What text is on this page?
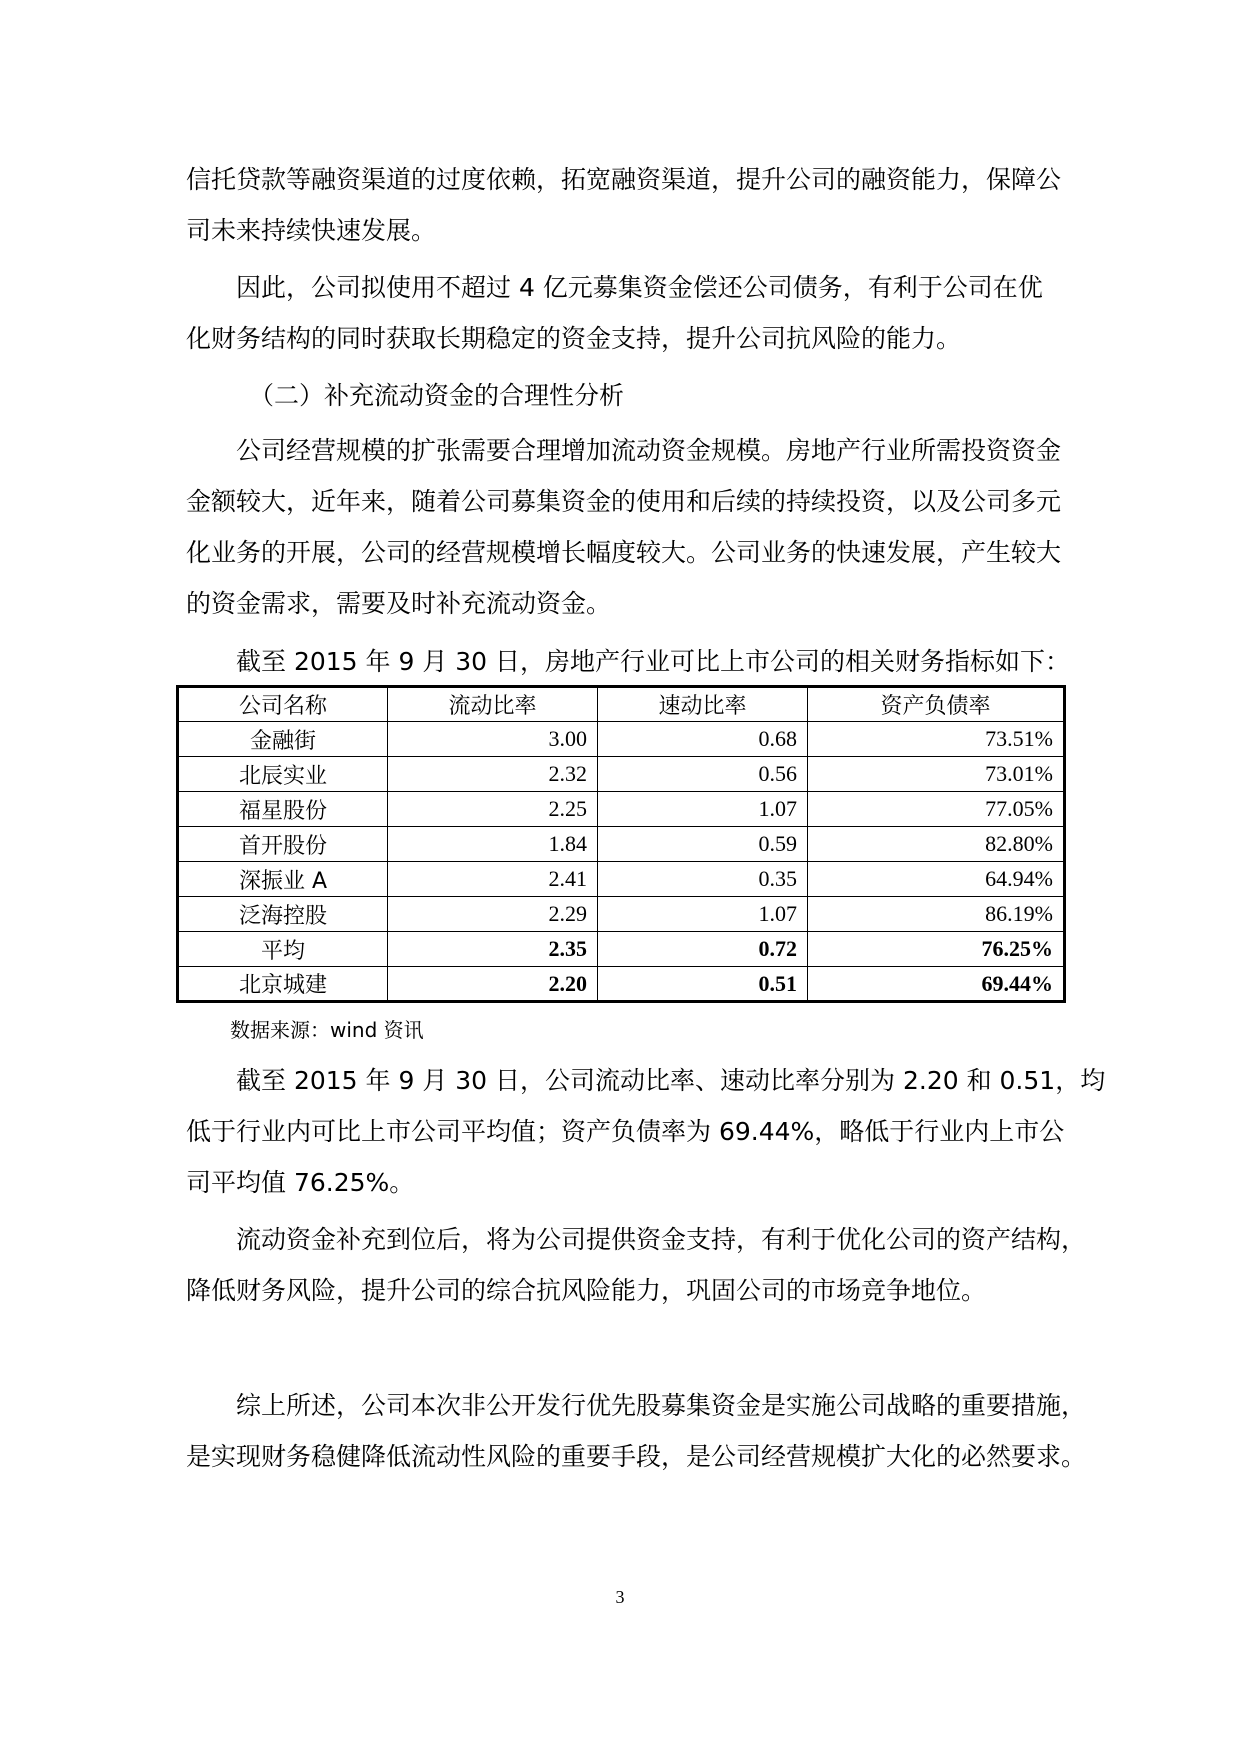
信托贷款等融资渠道的过度依赖，拓宽融资渠道，提升公司的融资能力，保障公
司未来持续快速发展。
因此，公司拟使用不超过 4 亿元募集资金偿还公司债务，有利于公司在优
化财务结构的同时获取长期稳定的资金支持，提升公司抗风险的能力。
（二）补充流动资金的合理性分析
公司经营规模的扩张需要合理增加流动资金规模。房地产行业所需投资资金
金额较大，近年来，随着公司募集资金的使用和后续的持续投资，以及公司多元
化业务的开展，公司的经营规模增长幅度较大。公司业务的快速发展，产生较大
的资金需求，需要及时补充流动资金。
截至 2015 年 9 月 30 日，房地产行业可比上市公司的相关财务指标如下：
公司名称	流动比率	速动比率	资产负债率
金融街	3.00	0.68	73.51%
北辰实业	2.32	0.56	73.01%
福星股份	2.25	1.07	77.05%
首开股份	1.84	0.59	82.80%
深振业 A	2.41	0.35	64.94%
泛海控股	2.29	1.07	86.19%
平均	2.35	0.72	76.25%
北京城建	2.20	0.51	69.44%
数据来源：wind 资讯
截至 2015 年 9 月 30 日，公司流动比率、速动比率分别为 2.20 和 0.51，均
低于行业内可比上市公司平均值；资产负债率为 69.44%，略低于行业内上市公
司平均值 76.25%。
流动资金补充到位后，将为公司提供资金支持，有利于优化公司的资产结构，
降低财务风险，提升公司的综合抗风险能力，巩固公司的市场竞争地位。
综上所述，公司本次非公开发行优先股募集资金是实施公司战略的重要措施，
是实现财务稳健降低流动性风险的重要手段，是公司经营规模扩大化的必然要求。
3
